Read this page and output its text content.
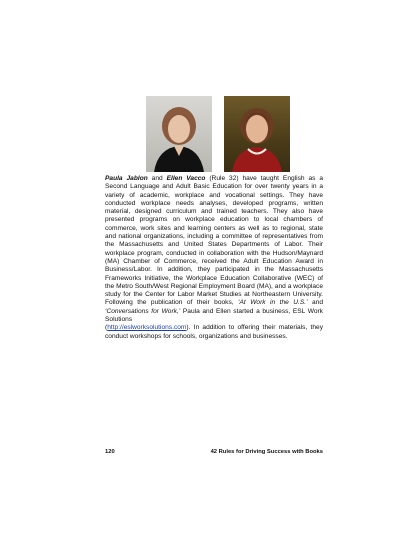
Paula Jablon and Ellen Vacco (Rule 32) have taught English as a Second Language and Adult Basic Education for over twenty years in a variety of academic, workplace and vocational settings. They have conducted workplace needs analyses, developed programs, written material, designed curriculum and trained teachers. They also have presented programs on workplace education to local chambers of commerce, work sites and learning centers as well as to regional, state and national organizations, including a committee of representatives from the Massachusetts and United States Departments of Labor. Their workplace program, conducted in collaboration with the Hudson/Maynard (MA) Chamber of Commerce, received the Adult Education Award in Business/Labor. In addition, they participated in the Massachusetts Frameworks Initiative, the Workplace Education Collaborative (WEC) of the Metro South/West Regional Employment Board (MA), and a workplace study for the Center for Labor Market Studies at Northeastern University. Following the publication of their books, ‘At Work in the U.S.’ and ‘Conversations for Work,’ Paula and Ellen started a business, ESL Work Solutions
(http://eslworksolutions.com). In addition to offering their materials, they conduct workshops for schools, organizations and businesses.

120	42 Rules for Driving Success with Books
